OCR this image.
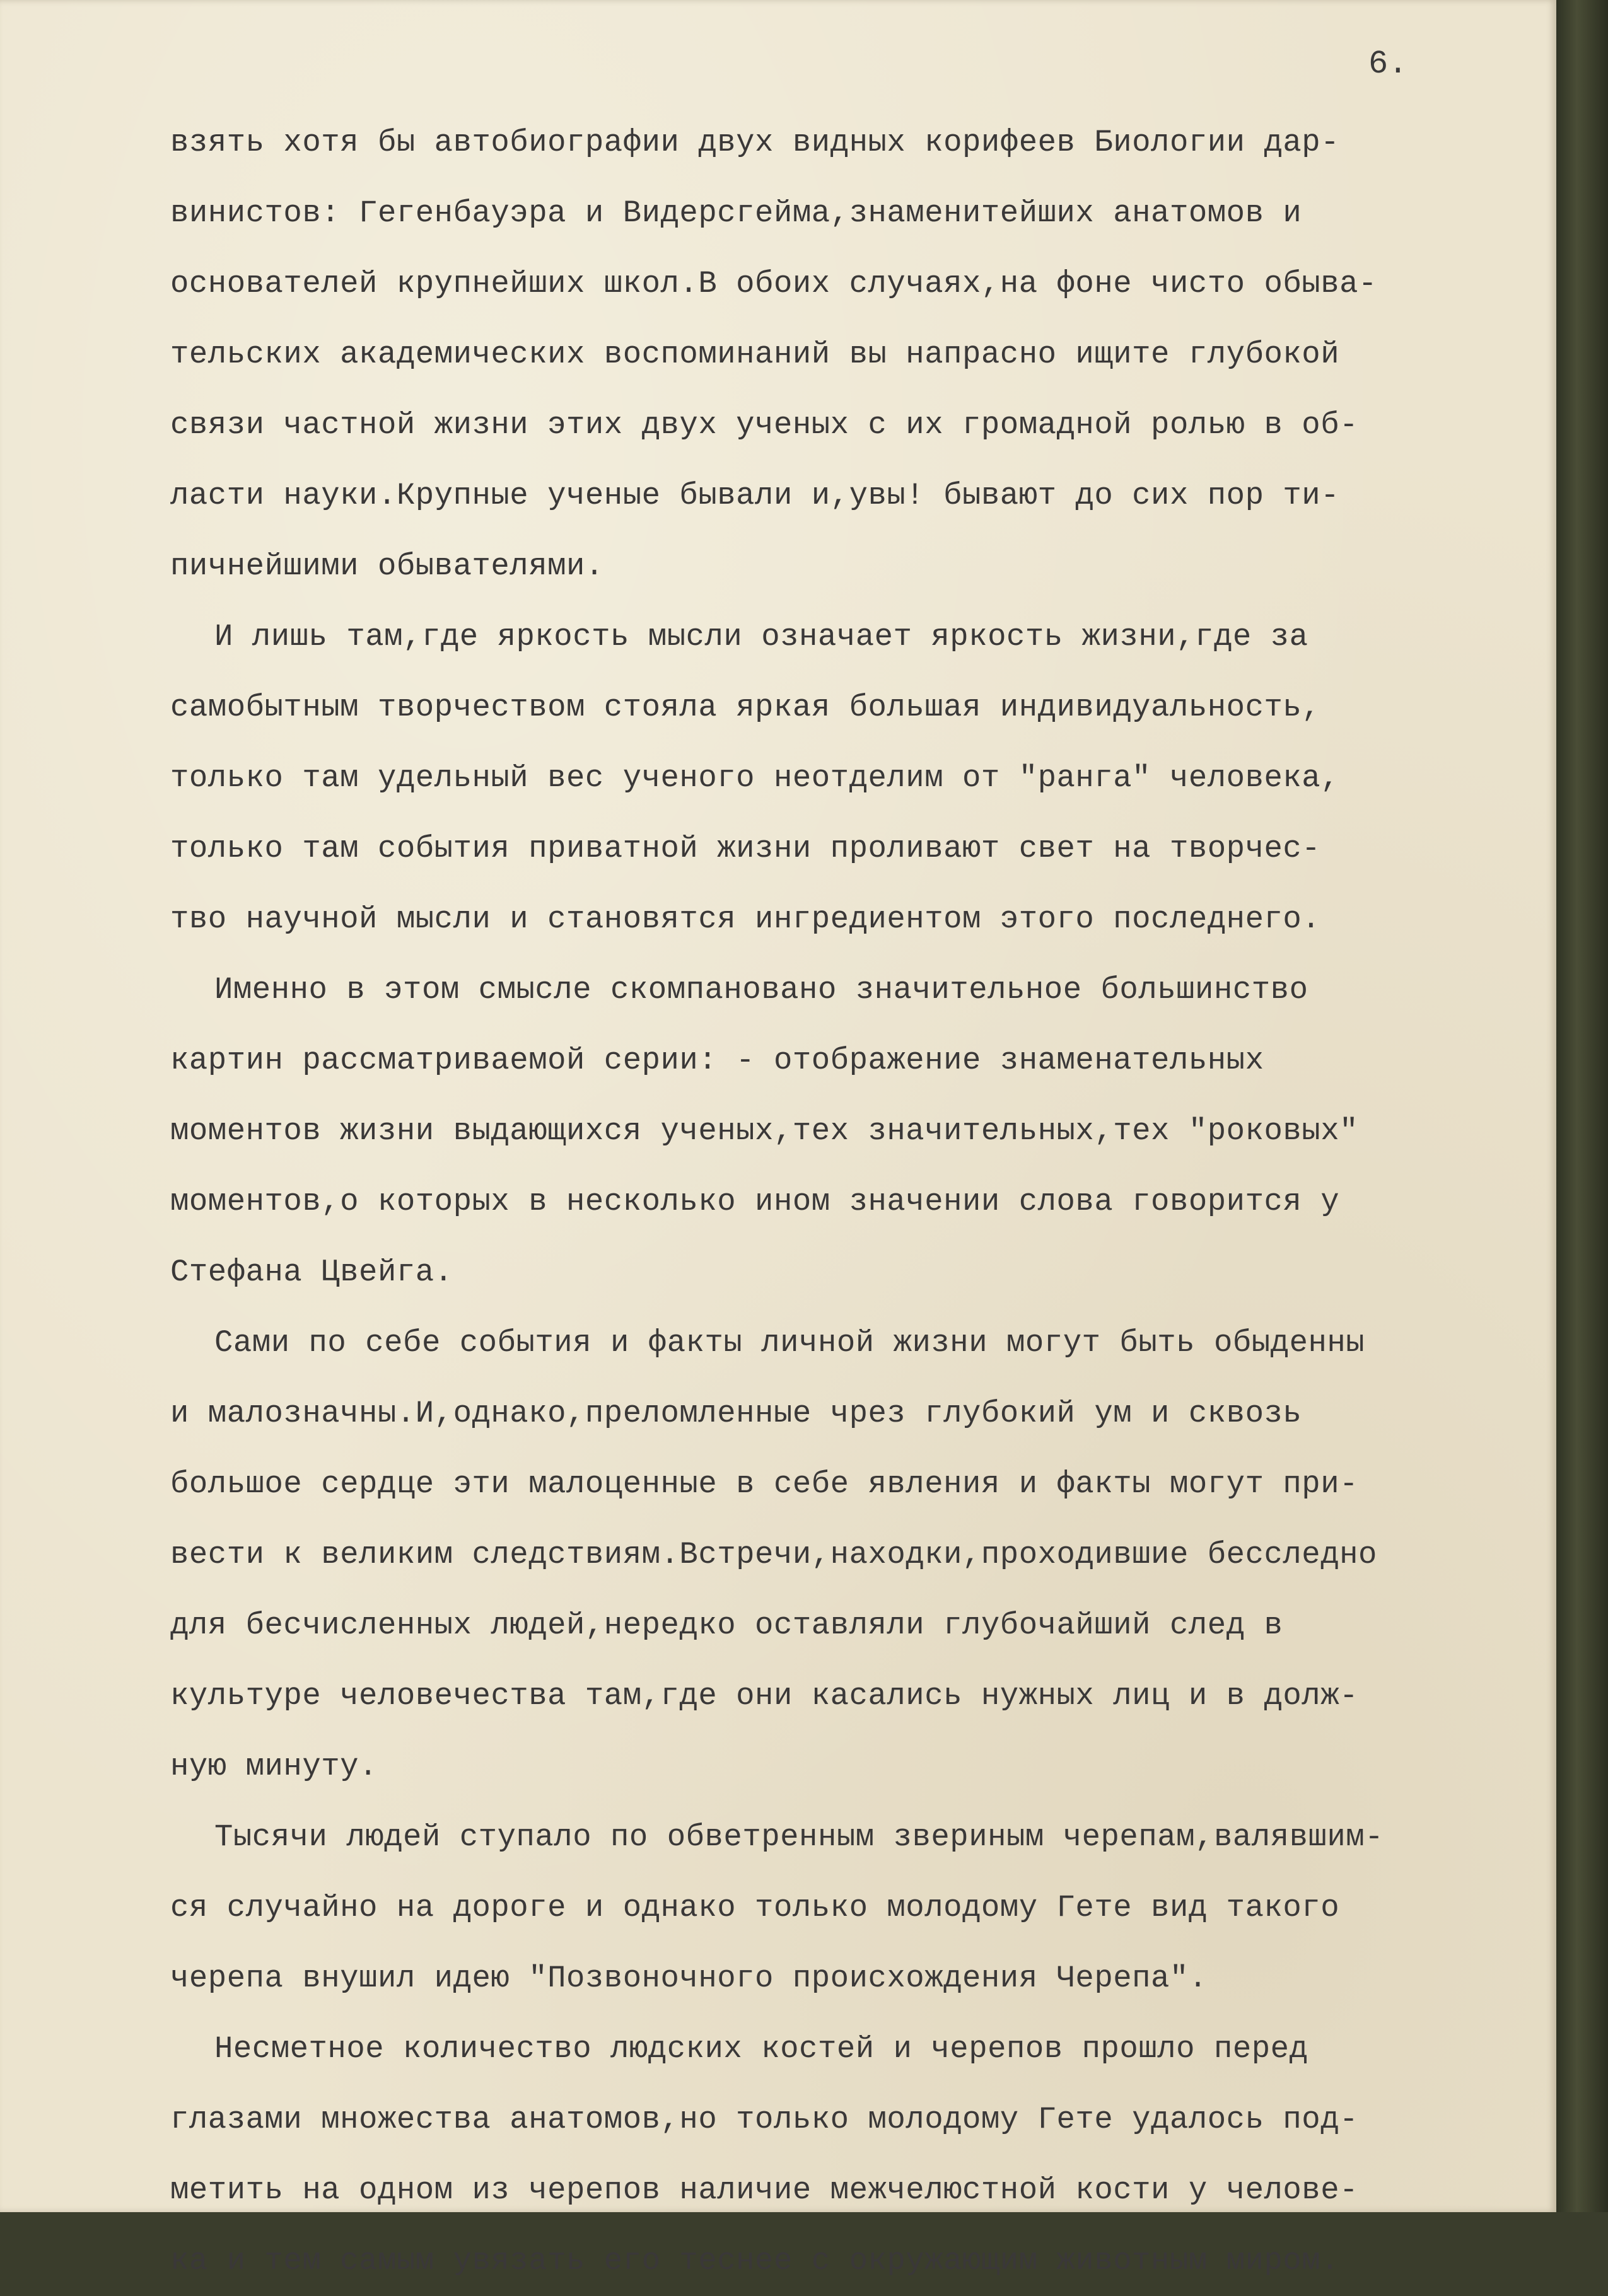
6.
взять хотя бы автобиографии двух видных корифеев Биологии дар-
винистов: Гегенбауэра и Видерсгейма,знаменитейших анатомов и
основателей крупнейших школ.В обоих случаях,на фоне чисто обыва-
тельских академических воспоминаний вы напрасно ищите глубокой
связи частной жизни этих двух ученых с их громадной ролью в об-
ласти науки.Крупные ученые бывали и,увы! бывают до сих пор ти-
пичнейшими обывателями.
И лишь там,где яркость мысли означает яркость жизни,где за
самобытным творчеством стояла яркая большая индивидуальность,
только там удельный вес ученого неотделим от "ранга" человека,
только там события приватной жизни проливают свет на творчес-
тво научной мысли и становятся ингредиентом этого последнего.
Именно в этом смысле скомпановано значительное большинство
картин рассматриваемой серии: - отображение знаменательных
моментов жизни выдающихся ученых,тех значительных,тех "роковых"
моментов,о которых в несколько ином значении слова говорится у
Стефана Цвейга.
Сами по себе события и факты личной жизни могут быть обыденны
и малозначны.И,однако,преломленные чрез глубокий ум и сквозь
большое сердце эти малоценные в себе явления и факты могут при-
вести к великим следствиям.Встречи,находки,проходившие бесследно
для бесчисленных людей,нередко оставляли глубочайший след в
культуре человечества там,где они касались нужных лиц и в долж-
ную минуту.
Тысячи людей ступало по обветренным звериным черепам,валявшим-
ся случайно на дороге и однако только молодому Гете вид такого
черепа внушил идею "Позвоночного происхождения Черепа".
Несметное количество людских костей и черепов прошло перед
глазами множества анатомов,но только молодому Гете удалось под-
метить на одном из черепов наличие межчелюстной кости у челове-
ка и тем самым увязать его теснее с окружающим животным миром.
